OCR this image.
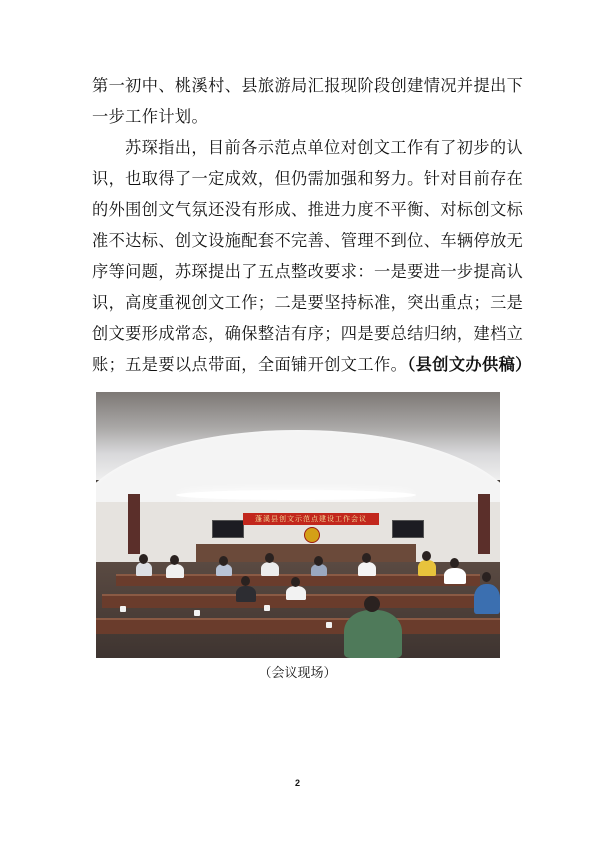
第一初中、桃溪村、县旅游局汇报现阶段创建情况并提出下
一步工作计划。
苏琛指出，目前各示范点单位对创文工作有了初步的认
识，也取得了一定成效，但仍需加强和努力。针对目前存在
的外围创文气氛还没有形成、推进力度不平衡、对标创文标
准不达标、创文设施配套不完善、管理不到位、车辆停放无
序等问题，苏琛提出了五点整改要求：一是要进一步提高认
识，高度重视创文工作；二是要坚持标准，突出重点；三是
创文要形成常态，确保整洁有序；四是要总结归纳，建档立
账；五是要以点带面，全面铺开创文工作。（县创文办供稿）
蓬溪县创文示范点建设工作会议
（会议现场）
2
